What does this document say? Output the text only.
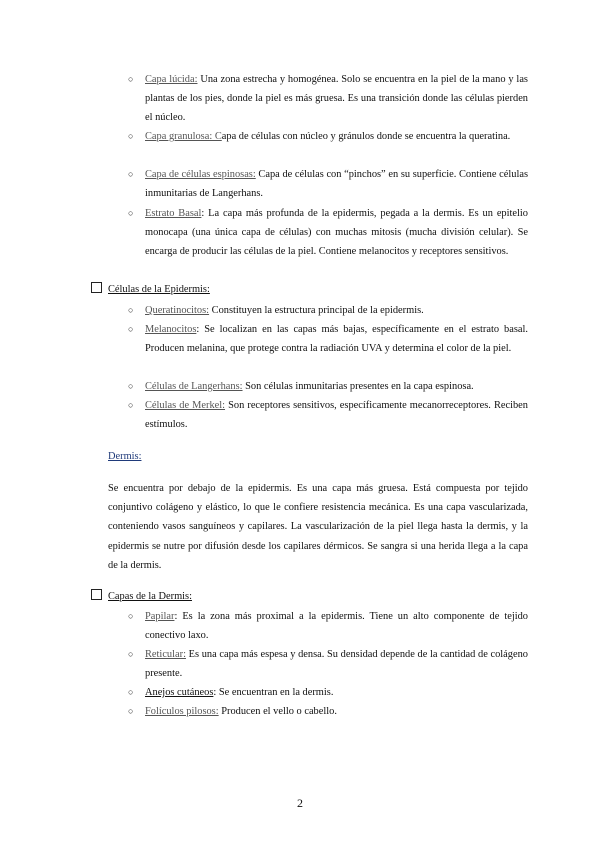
○ Capa lúcida: Una zona estrecha y homogénea. Solo se encuentra en la piel de la mano y las plantas de los pies, donde la piel es más gruesa. Es una transición donde las células pierden el núcleo.
○ Capa granulosa: Capa de células con núcleo y gránulos donde se encuentra la queratina.
○ Capa de células espinosas: Capa de células con “pinchos” en su superficie. Contiene células inmunitarias de Langerhans.
○ Estrato Basal: La capa más profunda de la epidermis, pegada a la dermis. Es un epitelio monocapa (una única capa de células) con muchas mitosis (mucha división celular). Se encarga de producir las células de la piel. Contiene melanocitos y receptores sensitivos.
Células de la Epidermis:
○ Queratinocitos: Constituyen la estructura principal de la epidermis.
○ Melanocitos: Se localizan en las capas más bajas, específicamente en el estrato basal. Producen melanina, que protege contra la radiación UVA y determina el color de la piel.
○ Células de Langerhans: Son células inmunitarias presentes en la capa espinosa.
○ Células de Merkel: Son receptores sensitivos, específicamente mecanorreceptores. Reciben estímulos.
Dermis:
Se encuentra por debajo de la epidermis. Es una capa más gruesa. Está compuesta por tejido conjuntivo colágeno y elástico, lo que le confiere resistencia mecánica. Es una capa vascularizada, conteniendo vasos sanguíneos y capilares. La vascularización de la piel llega hasta la dermis, y la epidermis se nutre por difusión desde los capilares dérmicos. Se sangra si una herida llega a la capa de la dermis.
Capas de la Dermis:
○ Papilar: Es la zona más proximal a la epidermis. Tiene un alto componente de tejido conectivo laxo.
○ Reticular: Es una capa más espesa y densa. Su densidad depende de la cantidad de colágeno presente.
○ Anejos cutáneos: Se encuentran en la dermis.
○ Folículos pilosos: Producen el vello o cabello.
2
